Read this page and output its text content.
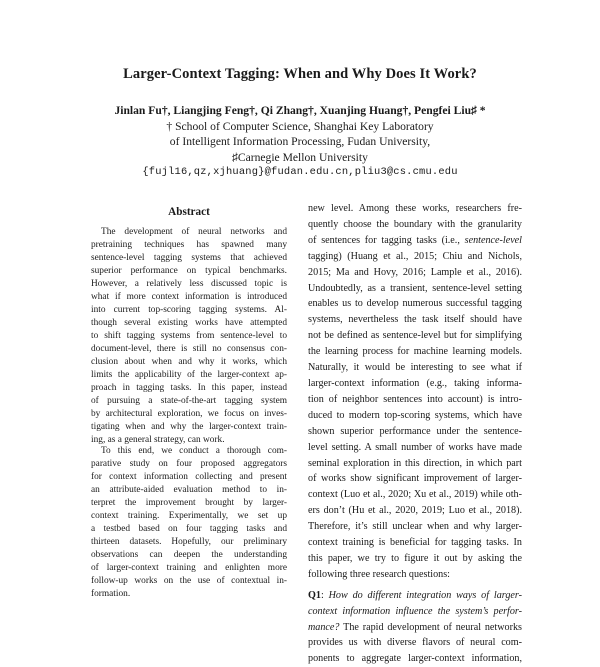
Larger-Context Tagging: When and Why Does It Work?
Jinlan Fu†, Liangjing Feng†, Qi Zhang†, Xuanjing Huang†, Pengfei Liu♯ *
† School of Computer Science, Shanghai Key Laboratory
of Intelligent Information Processing, Fudan University,
♯Carnegie Mellon University
{fujl16,qz,xjhuang}@fudan.edu.cn,pliu3@cs.cmu.edu
Abstract
The development of neural networks and
pretraining techniques has spawned many
sentence-level tagging systems that achieved
superior performance on typical benchmarks.
However, a relatively less discussed topic is
what if more context information is introduced
into current top-scoring tagging systems. Al-
though several existing works have attempted
to shift tagging systems from sentence-level to
document-level, there is still no consensus con-
clusion about when and why it works, which
limits the applicability of the larger-context ap-
proach in tagging tasks. In this paper, instead
of pursuing a state-of-the-art tagging system
by architectural exploration, we focus on inves-
tigating when and why the larger-context train-
ing, as a general strategy, can work.
To this end, we conduct a thorough com-
parative study on four proposed aggregators
for context information collecting and present
an attribute-aided evaluation method to in-
terpret the improvement brought by larger-
context training. Experimentally, we set up
a testbed based on four tagging tasks and
thirteen datasets. Hopefully, our preliminary
observations can deepen the understanding
of larger-context training and enlighten more
follow-up works on the use of contextual in-
formation.
new level. Among these works, researchers fre-
quently choose the boundary with the granularity
of sentences for tagging tasks (i.e., sentence-level
tagging) (Huang et al., 2015; Chiu and Nichols,
2015; Ma and Hovy, 2016; Lample et al., 2016).
Undoubtedly, as a transient, sentence-level setting
enables us to develop numerous successful tagging
systems, nevertheless the task itself should have
not be defined as sentence-level but for simplifying
the learning process for machine learning models.
Naturally, it would be interesting to see what if
larger-context information (e.g., taking informa-
tion of neighbor sentences into account) is intro-
duced to modern top-scoring systems, which have
shown superior performance under the sentence-
level setting. A small number of works have made
seminal exploration in this direction, in which part
of works show significant improvement of larger-
context (Luo et al., 2020; Xu et al., 2019) while oth-
ers don’t (Hu et al., 2020, 2019; Luo et al., 2018).
Therefore, it’s still unclear when and why larger-
context training is beneficial for tagging tasks. In
this paper, we try to figure it out by asking the
following three research questions:
Q1: How do different integration ways of larger-
context information influence the system’s perfor-
mance? The rapid development of neural networks
provides us with diverse flavors of neural com-
ponents to aggregate larger-context information,
